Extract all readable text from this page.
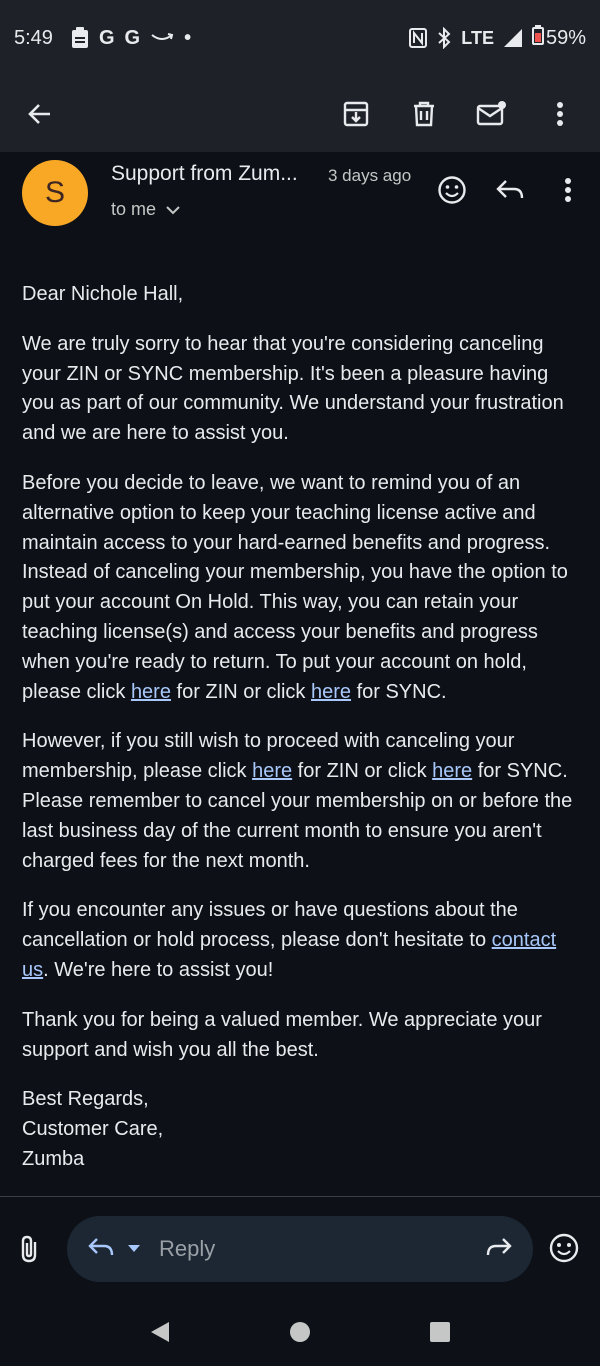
5:49 G G •	LTE	59%
S
Support from Zum...	3 days ago
to me

Dear Nichole Hall,

We are truly sorry to hear that you're considering canceling your ZIN or SYNC membership. It's been a pleasure having you as part of our community. We understand your frustration and we are here to assist you.

Before you decide to leave, we want to remind you of an alternative option to keep your teaching license active and maintain access to your hard-earned benefits and progress. Instead of canceling your membership, you have the option to put your account On Hold. This way, you can retain your teaching license(s) and access your benefits and progress when you're ready to return. To put your account on hold, please click here for ZIN or click here for SYNC.

However, if you still wish to proceed with canceling your membership, please click here for ZIN or click here for SYNC. Please remember to cancel your membership on or before the last business day of the current month to ensure you aren't charged fees for the next month.

If you encounter any issues or have questions about the cancellation or hold process, please don't hesitate to contact us. We're here to assist you!

Thank you for being a valued member. We appreciate your support and wish you all the best.

Best Regards,
Customer Care,
Zumba

Reply
